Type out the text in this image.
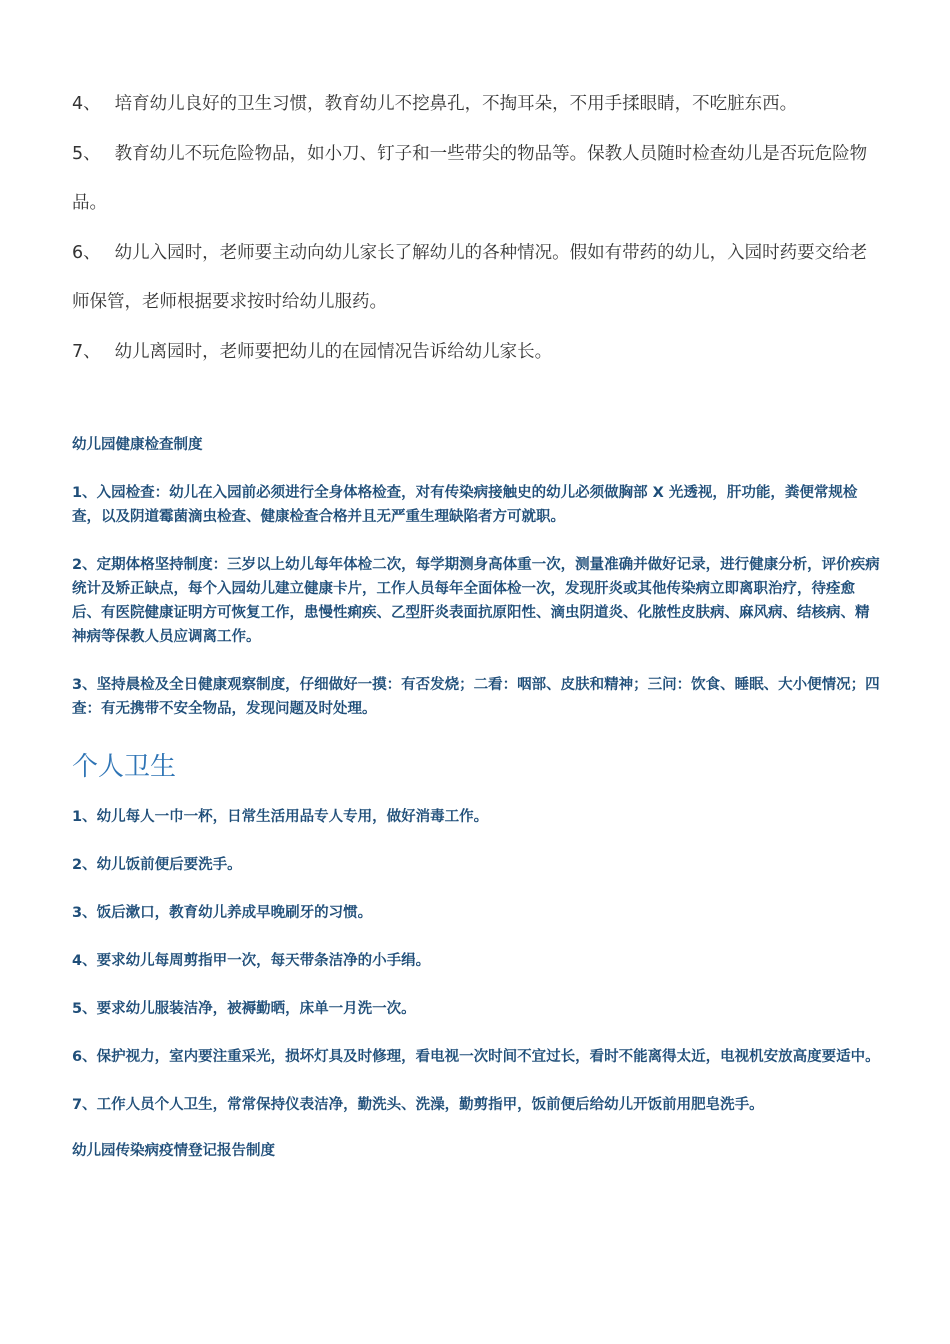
4、 培育幼儿良好的卫生习惯，教育幼儿不挖鼻孔，不掏耳朵，不用手揉眼睛，不吃脏东西。

5、 教育幼儿不玩危险物品，如小刀、钉子和一些带尖的物品等。保教人员随时检查幼儿是否玩危险物品。

6、 幼儿入园时，老师要主动向幼儿家长了解幼儿的各种情况。假如有带药的幼儿，入园时药要交给老师保管，老师根据要求按时给幼儿服药。

7、 幼儿离园时，老师要把幼儿的在园情况告诉给幼儿家长。

幼儿园健康检查制度
1、入园检查：幼儿在入园前必须进行全身体格检查，对有传染病接触史的幼儿必须做胸部 X 光透视，肝功能，粪便常规检查，以及阴道霉菌滴虫检查、健康检查合格并且无严重生理缺陷者方可就职。
2、定期体格坚持制度：三岁以上幼儿每年体检二次，每学期测身高体重一次，测量准确并做好记录，进行健康分析，评价疾病统计及矫正缺点，每个入园幼儿建立健康卡片，工作人员每年全面体检一次，发现肝炎或其他传染病立即离职治疗，待痊愈后、有医院健康证明方可恢复工作，患慢性痢疾、乙型肝炎表面抗原阳性、滴虫阴道炎、化脓性皮肤病、麻风病、结核病、精神病等保教人员应调离工作。
3、坚持晨检及全日健康观察制度，仔细做好一摸：有否发烧；二看：咽部、皮肤和精神；三问：饮食、睡眠、大小便情况；四查：有无携带不安全物品，发现问题及时处理。
个人卫生
1、幼儿每人一巾一杯，日常生活用品专人专用，做好消毒工作。
2、幼儿饭前便后要洗手。
3、饭后漱口，教育幼儿养成早晚刷牙的习惯。
4、要求幼儿每周剪指甲一次，每天带条洁净的小手绢。
5、要求幼儿服装洁净，被褥勤晒，床单一月洗一次。
6、保护视力，室内要注重采光，损坏灯具及时修理，看电视一次时间不宜过长，看时不能离得太近，电视机安放高度要适中。
7、工作人员个人卫生，常常保持仪表洁净，勤洗头、洗澡，勤剪指甲，饭前便后给幼儿开饭前用肥皂洗手。
幼儿园传染病疫情登记报告制度
